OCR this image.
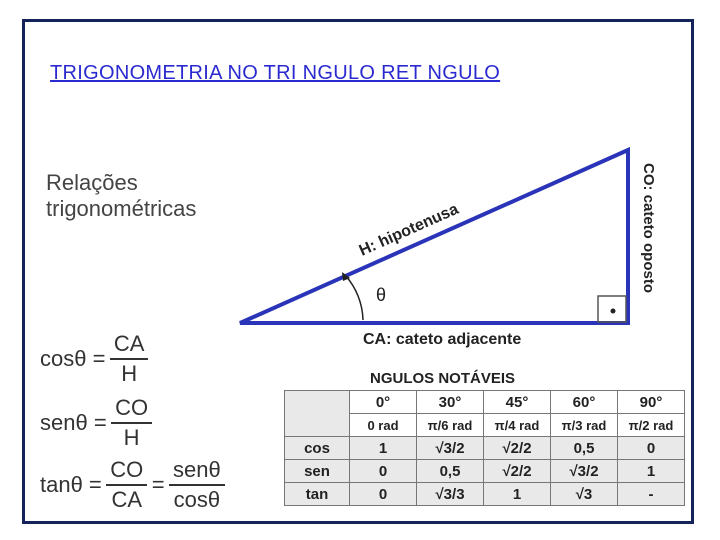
TRIGONOMETRIA NO TRI NGULO RET NGULO
Relações
trigonométricas
θ
H: hipotenusa	CO: cateto oposto
CA: cateto adjacente
$\cos\theta = \frac{CA}{H}$
$sen\theta = \frac{CO}{H}$
$\tan\theta = \frac{CO}{CA} = \frac{\text{senθ}}{\cos\theta}$
NGULOS NOTÁVEIS
	0°	30°	45°	60°	90°
	0 rad	π/6 rad	π/4 rad	π/3 rad	π/2 rad
cos	1	√3/2	√2/2	0,5	0
sen	0	0,5	√2/2	√3/2	1
tan	0	√3/3	1	√3	-
